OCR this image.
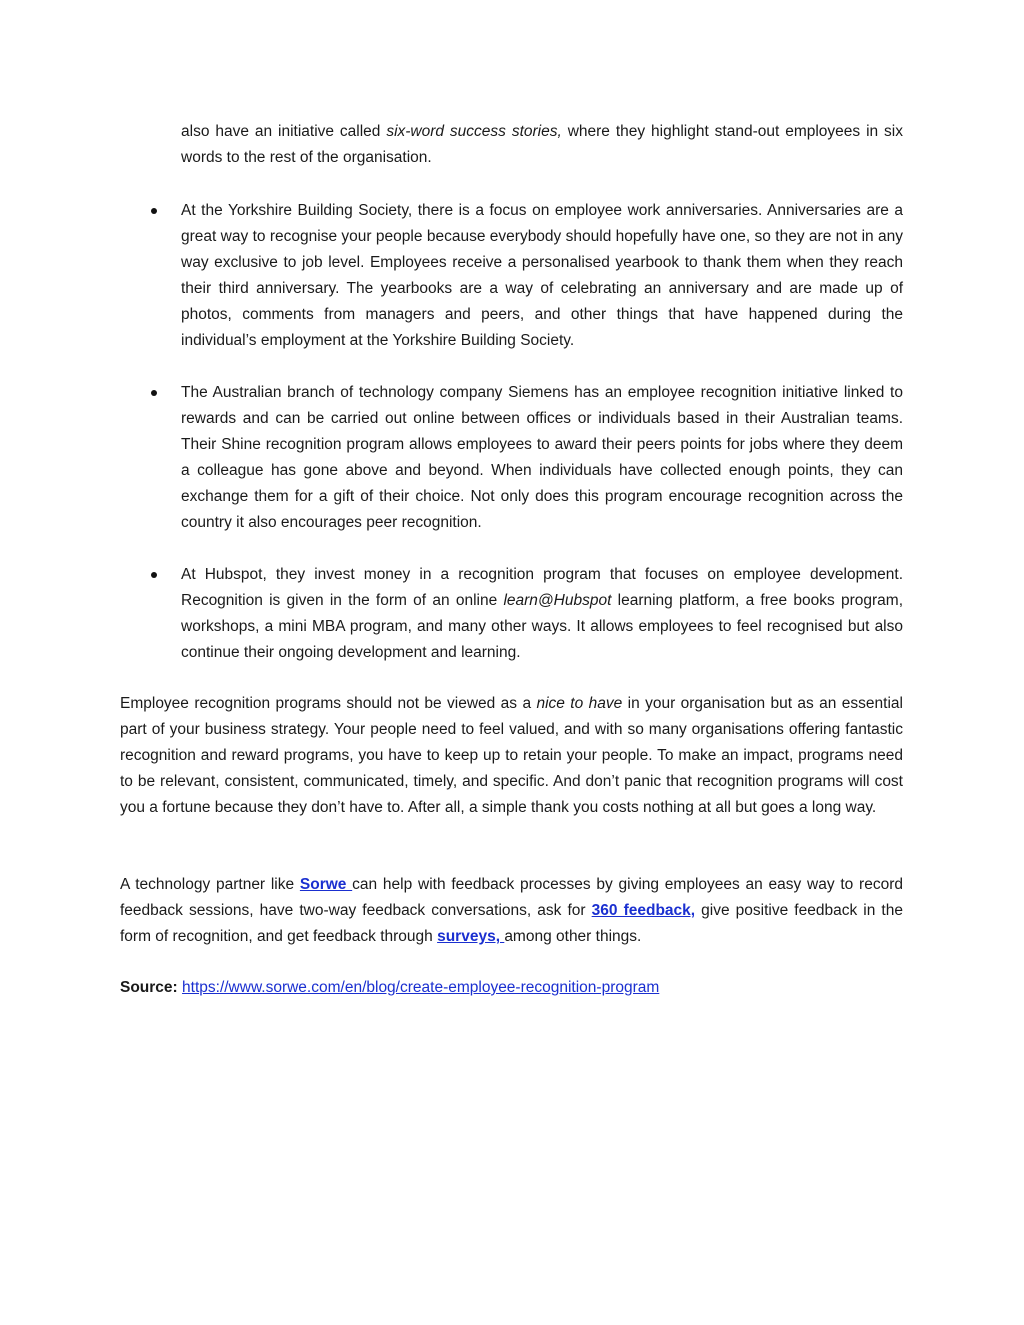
also have an initiative called six-word success stories, where they highlight stand-out employees in six words to the rest of the organisation.

At the Yorkshire Building Society, there is a focus on employee work anniversaries. Anniversaries are a great way to recognise your people because everybody should hopefully have one, so they are not in any way exclusive to job level. Employees receive a personalised yearbook to thank them when they reach their third anniversary. The yearbooks are a way of celebrating an anniversary and are made up of photos, comments from managers and peers, and other things that have happened during the individual’s employment at the Yorkshire Building Society.
The Australian branch of technology company Siemens has an employee recognition initiative linked to rewards and can be carried out online between offices or individuals based in their Australian teams. Their Shine recognition program allows employees to award their peers points for jobs where they deem a colleague has gone above and beyond. When individuals have collected enough points, they can exchange them for a gift of their choice. Not only does this program encourage recognition across the country it also encourages peer recognition.
At Hubspot, they invest money in a recognition program that focuses on employee development. Recognition is given in the form of an online learn@Hubspot learning platform, a free books program, workshops, a mini MBA program, and many other ways. It allows employees to feel recognised but also continue their ongoing development and learning.

Employee recognition programs should not be viewed as a nice to have in your organisation but as an essential part of your business strategy. Your people need to feel valued, and with so many organisations offering fantastic recognition and reward programs, you have to keep up to retain your people. To make an impact, programs need to be relevant, consistent, communicated, timely, and specific. And don’t panic that recognition programs will cost you a fortune because they don’t have to. After all, a simple thank you costs nothing at all but goes a long way.

A technology partner like Sorwe can help with feedback processes by giving employees an easy way to record feedback sessions, have two-way feedback conversations, ask for 360 feedback, give positive feedback in the form of recognition, and get feedback through surveys, among other things.

Source: https://www.sorwe.com/en/blog/create-employee-recognition-program
